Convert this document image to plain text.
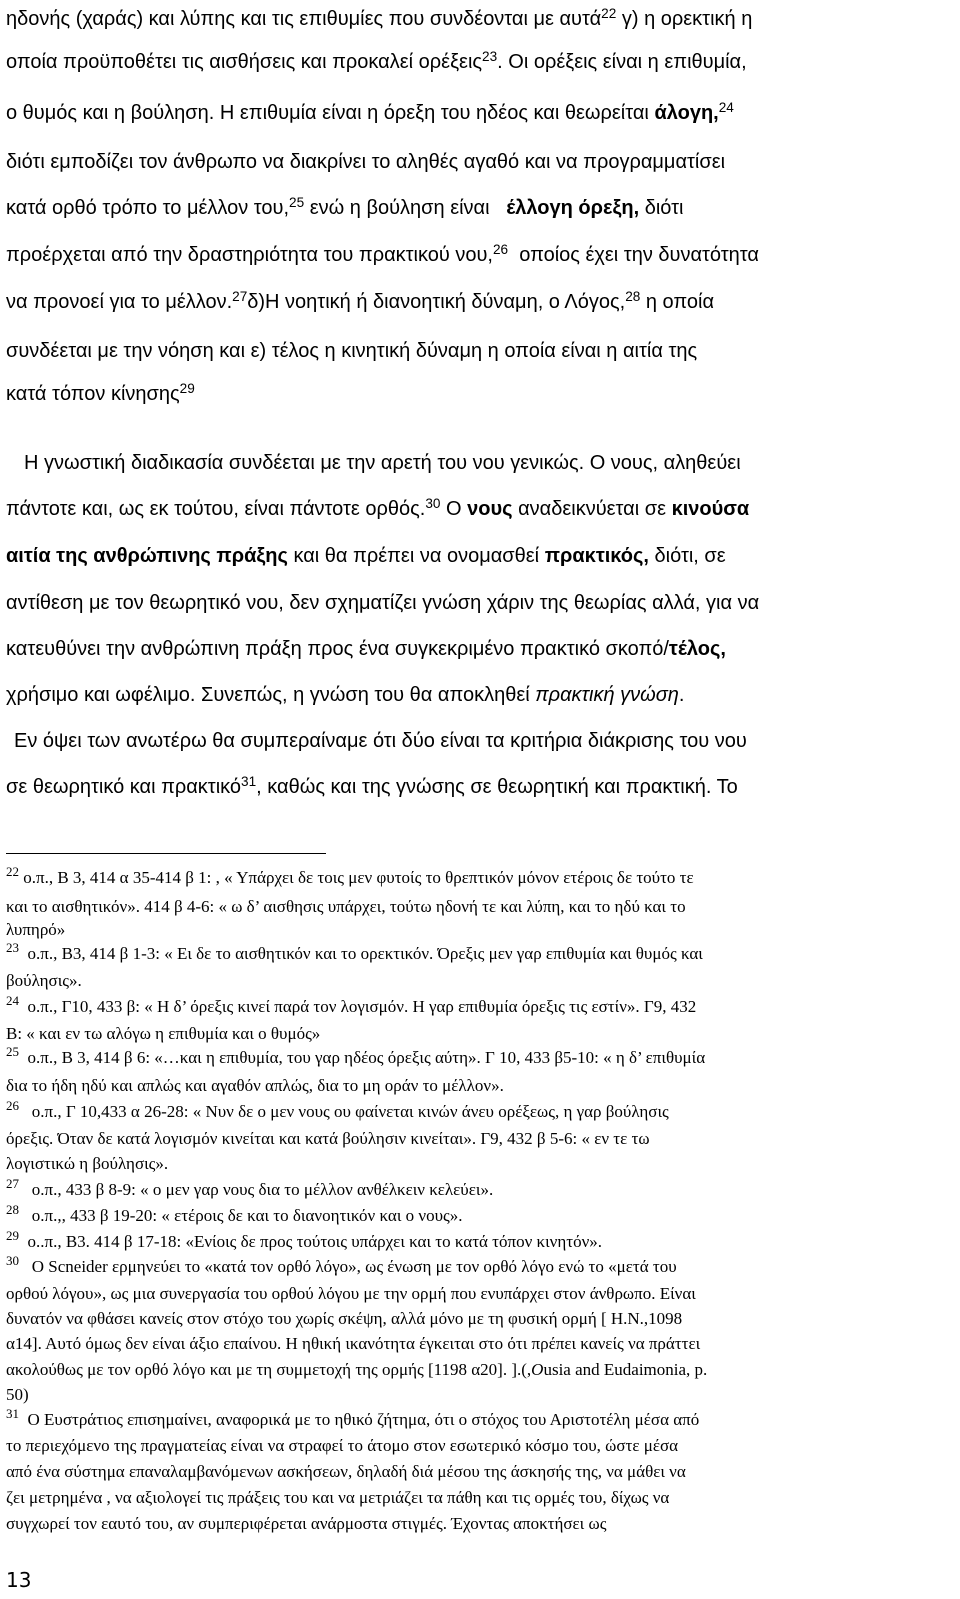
ηδονής (χαράς) και λύπης και τις επιθυμίες που συνδέονται με αυτά$^{22}$ γ) η ορεκτική η
οποία προϋποθέτει τις αισθήσεις και προκαλεί ορέξεις$^{23}$. Οι ορέξεις είναι η επιθυμία,
ο θυμός και η βούληση. Η επιθυμία είναι η όρεξη του ηδέος και θεωρείται άλογη,$^{24}$
διότι εμποδίζει τον άνθρωπο να διακρίνει το αληθές αγαθό και να προγραμματίσει
κατά ορθό τρόπο το μέλλον του,$^{25}$ ενώ η βούληση είναι έλλογη όρεξη, διότι
προέρχεται από την δραστηριότητα του πρακτικού νου,$^{26}$ οποίος έχει την δυνατότητα
να προνοεί για το μέλλον.$^{27}$δ)Η νοητική ή διανοητική δύναμη, ο Λόγος,$^{28}$ η οποία
συνδέεται με την νόηση και ε) τέλος η κινητική δύναμη η οποία είναι η αιτία της
κατά τόπον κίνησης$^{29}$
Η γνωστική διαδικασία συνδέεται με την αρετή του νου γενικώς. Ο νους, αληθεύει
πάντοτε και, ως εκ τούτου, είναι πάντοτε ορθός.$^{30}$ Ο νους αναδεικνύεται σε κινούσα
αιτία της ανθρώπινης πράξης και θα πρέπει να ονομασθεί πρακτικός, διότι, σε
αντίθεση με τον θεωρητικό νου, δεν σχηματίζει γνώση χάριν της θεωρίας αλλά, για να
κατευθύνει την ανθρώπινη πράξη προς ένα συγκεκριμένο πρακτικό σκοπό/τέλος,
χρήσιμο και ωφέλιμο. Συνεπώς, η γνώση του θα αποκληθεί πρακτική γνώση.
Εν όψει των ανωτέρω θα συμπεραίναμε ότι δύο είναι τα κριτήρια διάκρισης του νου
σε θεωρητικό και πρακτικό$^{31}$, καθώς και της γνώσης σε θεωρητική και πρακτική. Το
$^{22}$ ο.π., Β 3, 414 α 35-414 β 1: , « Υπάρχει δε τοις μεν φυτοίς το θρεπτικόν μόνον ετέροις δε τούτο τε
και το αισθητικόν». 414 β 4-6: « ω δ’ αισθησις υπάρχει, τούτω ηδονή τε και λύπη, και το ηδύ και το
λυπηρό»
$^{23}$ ο.π., Β3, 414 β 1-3: « Ει δε το αισθητικόν και το ορεκτικόν. Όρεξις μεν γαρ επιθυμία και θυμός και
βούλησις».
$^{24}$ ο.π., Γ10, 433 β: « Η δ’ όρεξις κινεί παρά τον λογισμόν. Η γαρ επιθυμία όρεξις τις εστίν». Γ9, 432
Β: « και εν τω αλόγω η επιθυμία και ο θυμός»
$^{25}$ ο.π., Β 3, 414 β 6: «…και η επιθυμία, του γαρ ηδέος όρεξις αύτη». Γ 10, 433 β5-10: « η δ’ επιθυμία
δια το ήδη ηδύ και απλώς και αγαθόν απλώς, δια το μη οράν το μέλλον».
$^{26}$ ο.π., Γ 10,433 α 26-28: « Νυν δε ο μεν νους ου φαίνεται κινών άνευ ορέξεως, η γαρ βούλησις
όρεξις. Όταν δε κατά λογισμόν κινείται και κατά βούλησιν κινείται». Γ9, 432 β 5-6: « εν τε τω
λογιστικώ η βούλησις».
$^{27}$ ο.π., 433 β 8-9: « ο μεν γαρ νους δια το μέλλον ανθέλκειν κελεύει».
$^{28}$ ο.π.,, 433 β 19-20: « ετέροις δε και το διανοητικόν και ο νους».
$^{29}$ ο..π., Β3. 414 β 17-18: «Ενίοις δε προς τούτοις υπάρχει και το κατά τόπον κινητόν».
$^{30}$ Ο Scneider ερμηνεύει το «κατά τον ορθό λόγο», ως ένωση με τον ορθό λόγο ενώ το «μετά του
ορθού λόγου», ως μια συνεργασία του ορθού λόγου με την ορμή που ενυπάρχει στον άνθρωπο. Είναι
δυνατόν να φθάσει κανείς στον στόχο του χωρίς σκέψη, αλλά μόνο με τη φυσική ορμή [ Η.Ν.,1098
α14]. Αυτό όμως δεν είναι άξιο επαίνου. Η ηθική ικανότητα έγκειται στο ότι πρέπει κανείς να πράττει
ακολούθως με τον ορθό λόγο και με τη συμμετοχή της ορμής [1198 α20]. ].(,Ousia and Eudaimonia, p.
50)
$^{31}$ Ο Ευστράτιος επισημαίνει, αναφορικά με το ηθικό ζήτημα, ότι ο στόχος του Αριστοτέλη μέσα από
το περιεχόμενο της πραγματείας είναι να στραφεί το άτομο στον εσωτερικό κόσμο του, ώστε μέσα
από ένα σύστημα επαναλαμβανόμενων ασκήσεων, δηλαδή διά μέσου της άσκησής της, να μάθει να
ζει μετρημένα , να αξιολογεί τις πράξεις του και να μετριάζει τα πάθη και τις ορμές του, δίχως να
συγχωρεί τον εαυτό του, αν συμπεριφέρεται ανάρμοστα στιγμές. Έχοντας αποκτήσει ως
13
